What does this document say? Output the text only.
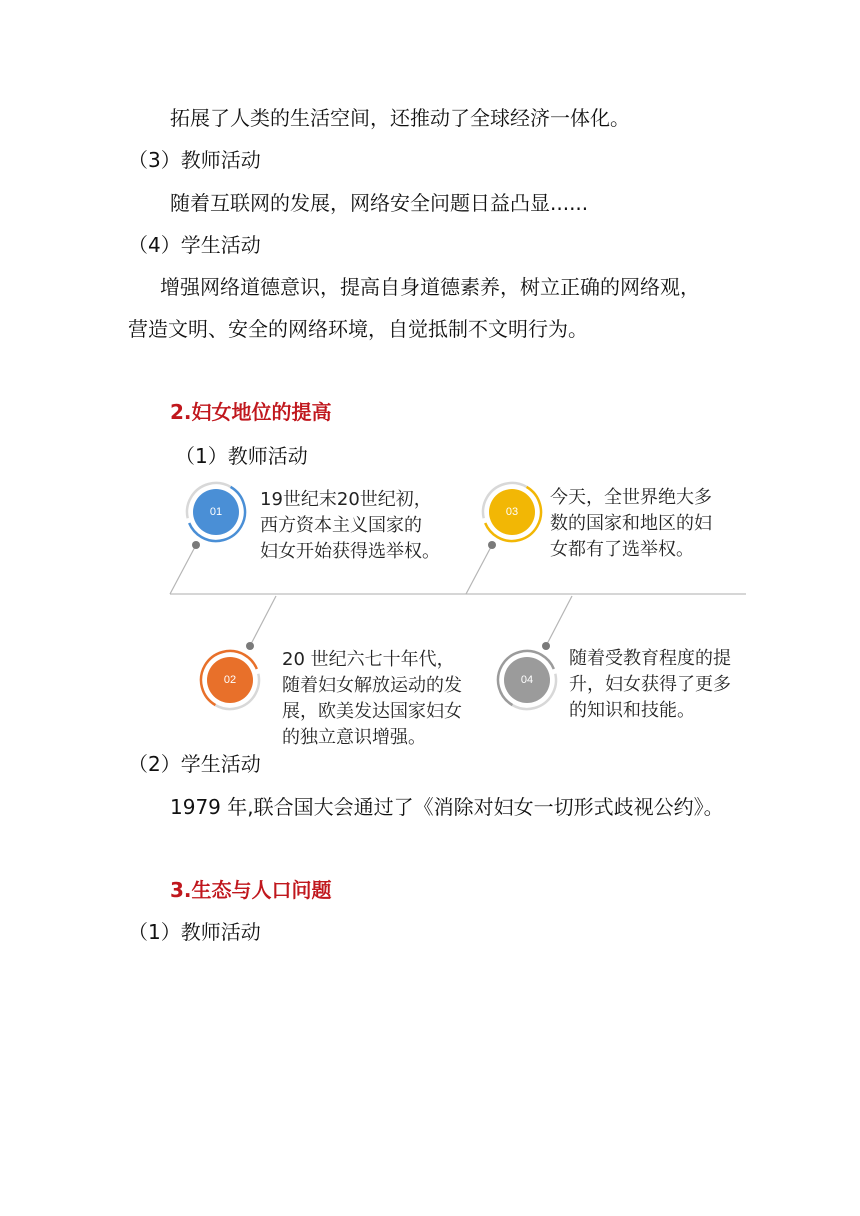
拓展了人类的生活空间，还推动了全球经济一体化。
（3）教师活动
随着互联网的发展，网络安全问题日益凸显......
（4）学生活动
增强网络道德意识，提高自身道德素养，树立正确的网络观，
营造文明、安全的网络环境，自觉抵制不文明行为。
2.妇女地位的提高
（1）教师活动
01	03
02	04
19世纪末20世纪初，
西方资本主义国家的
妇女开始获得选举权。
今天，全世界绝大多
数的国家和地区的妇
女都有了选举权。
20 世纪六七十年代，
随着妇女解放运动的发
展，欧美发达国家妇女
的独立意识增强。
随着受教育程度的提
升，妇女获得了更多
的知识和技能。
（2）学生活动
1979 年,联合国大会通过了《消除对妇女一切形式歧视公约》。
3.生态与人口问题
（1）教师活动
